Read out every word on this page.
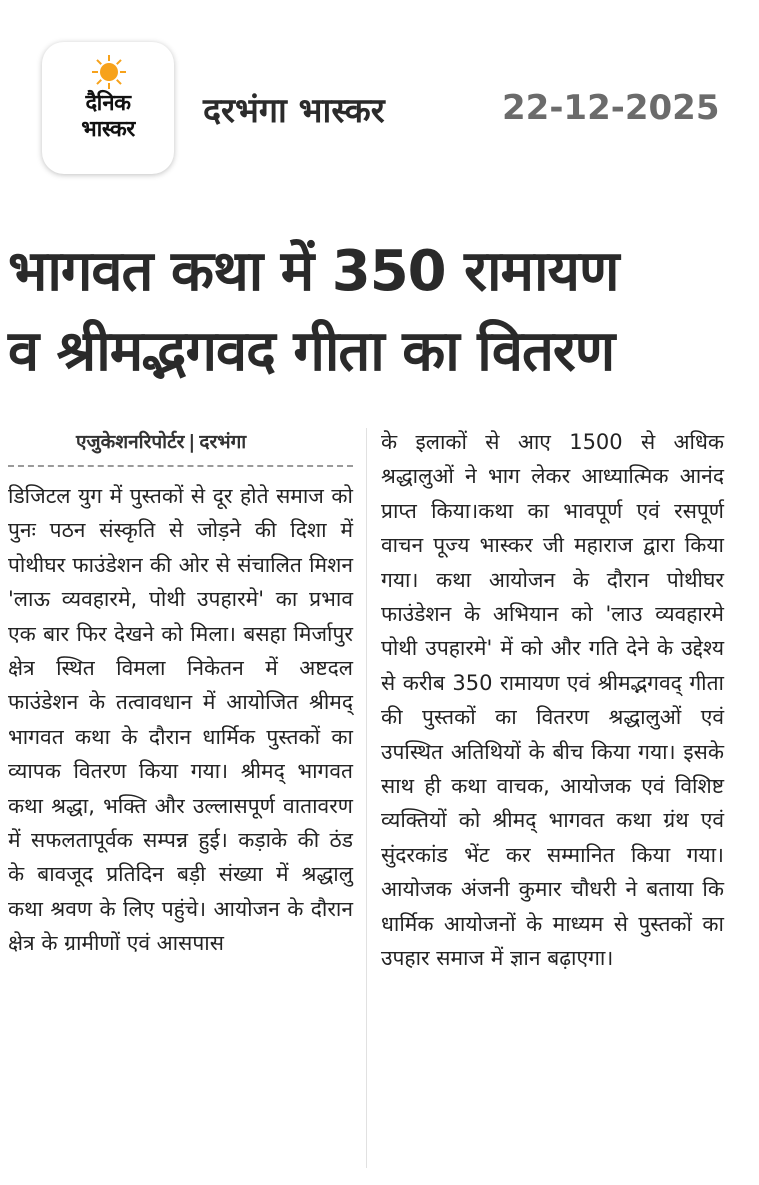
दैनिक
भास्कर	दरभंगा भास्कर	22-12-2025
भागवत कथा में 350 रामायण
व श्रीमद्भगवद गीता का वितरण
एजुकेशनरिपोर्टर | दरभंगा

डिजिटल युग में पुस्तकों से दूर होते समाज को पुनः पठन संस्कृति से जोड़ने की दिशा में पोथीघर फाउंडेशन की ओर से संचालित मिशन 'लाऊ व्यवहारमे, पोथी उपहारमे' का प्रभाव एक बार फिर देखने को मिला। बसहा मिर्जापुर क्षेत्र स्थित विमला निकेतन में अष्टदल फाउंडेशन के तत्वावधान में आयोजित श्रीमद् भागवत कथा के दौरान धार्मिक पुस्तकों का व्यापक वितरण किया गया। श्रीमद् भागवत कथा श्रद्धा, भक्ति और उल्लासपूर्ण वातावरण में सफलतापूर्वक सम्पन्न हुई। कड़ाके की ठंड के बावजूद प्रतिदिन बड़ी संख्या में श्रद्धालु कथा श्रवण के लिए पहुंचे। आयोजन के दौरान क्षेत्र के ग्रामीणों एवं आसपास

के इलाकों से आए 1500 से अधिक श्रद्धालुओं ने भाग लेकर आध्यात्मिक आनंद प्राप्त किया।कथा का भावपूर्ण एवं रसपूर्ण वाचन पूज्य भास्कर जी महाराज द्वारा किया गया। कथा आयोजन के दौरान पोथीघर फाउंडेशन के अभियान को 'लाउ व्यवहारमे पोथी उपहारमे' में को और गति देने के उद्देश्य से करीब 350 रामायण एवं श्रीमद्भगवद् गीता की पुस्तकों का वितरण श्रद्धालुओं एवं उपस्थित अतिथियों के बीच किया गया। इसके साथ ही कथा वाचक, आयोजक एवं विशिष्ट व्यक्तियों को श्रीमद् भागवत कथा ग्रंथ एवं सुंदरकांड भेंट कर सम्मानित किया गया। आयोजक अंजनी कुमार चौधरी ने बताया कि धार्मिक आयोजनों के माध्यम से पुस्तकों का उपहार समाज में ज्ञान बढ़ाएगा।
